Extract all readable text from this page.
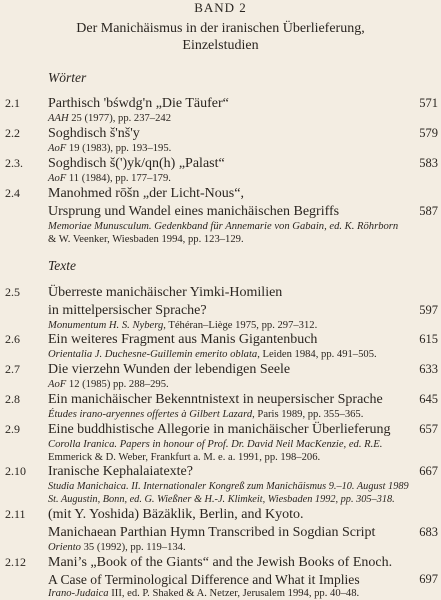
BAND 2
Der Manichäismus in der iranischen Überlieferung,
Einzelstudien
Wörter
2.1 Parthisch 'bśwdg'n „Die Täufer“	571
AAH 25 (1977), pp. 237–242
2.2 Soghdisch š'nš'y	579
AoF 19 (1983), pp. 193–195.
2.3. Soghdisch š(')yk/qn(h) „Palast“	583
AoF 11 (1984), pp. 177–179.
2.4 Manohmed rōšn „der Licht-Nous“,
Ursprung und Wandel eines manichäischen Begriffs	587
Memoriae Munusculum. Gedenkband für Annemarie von Gabain, ed. K. Röhrborn
& W. Veenker, Wiesbaden 1994, pp. 123–129.
Texte
2.5 Überreste manichäischer Yimki-Homilien
in mittelpersischer Sprache?	597
Monumentum H. S. Nyberg, Téhéran–Liège 1975, pp. 297–312.
2.6 Ein weiteres Fragment aus Manis Gigantenbuch	615
Orientalia J. Duchesne-Guillemin emerito oblata, Leiden 1984, pp. 491–505.
2.7 Die vierzehn Wunden der lebendigen Seele	633
AoF 12 (1985) pp. 288–295.
2.8 Ein manichäischer Bekenntnistext in neupersischer Sprache	645
Études irano-aryennes offertes à Gilbert Lazard, Paris 1989, pp. 355–365.
2.9 Eine buddhistische Allegorie in manichäischer Überlieferung 657
Corolla Iranica. Papers in honour of Prof. Dr. David Neil MacKenzie, ed. R.E.
Emmerick & D. Weber, Frankfurt a. M. e. a. 1991, pp. 198–206.
2.10 Iranische Kephalaiatexte?	667
Studia Manichaica. II. Internationaler Kongreß zum Manichäismus 9.–10. August 1989
St. Augustin, Bonn, ed. G. Wießner & H.-J. Klimkeit, Wiesbaden 1992, pp. 305–318.
2.11 (mit Y. Yoshida) Bäzäklik, Berlin, and Kyoto.
Manichaean Parthian Hymn Transcribed in Sogdian Script	683
Oriento 35 (1992), pp. 119–134.
2.12 Mani’s „Book of the Giants“ and the Jewish Books of Enoch.
A Case of Terminological Difference and What it Implies	697
Irano-Judaica III, ed. P. Shaked & A. Netzer, Jerusalem 1994, pp. 40–48.
